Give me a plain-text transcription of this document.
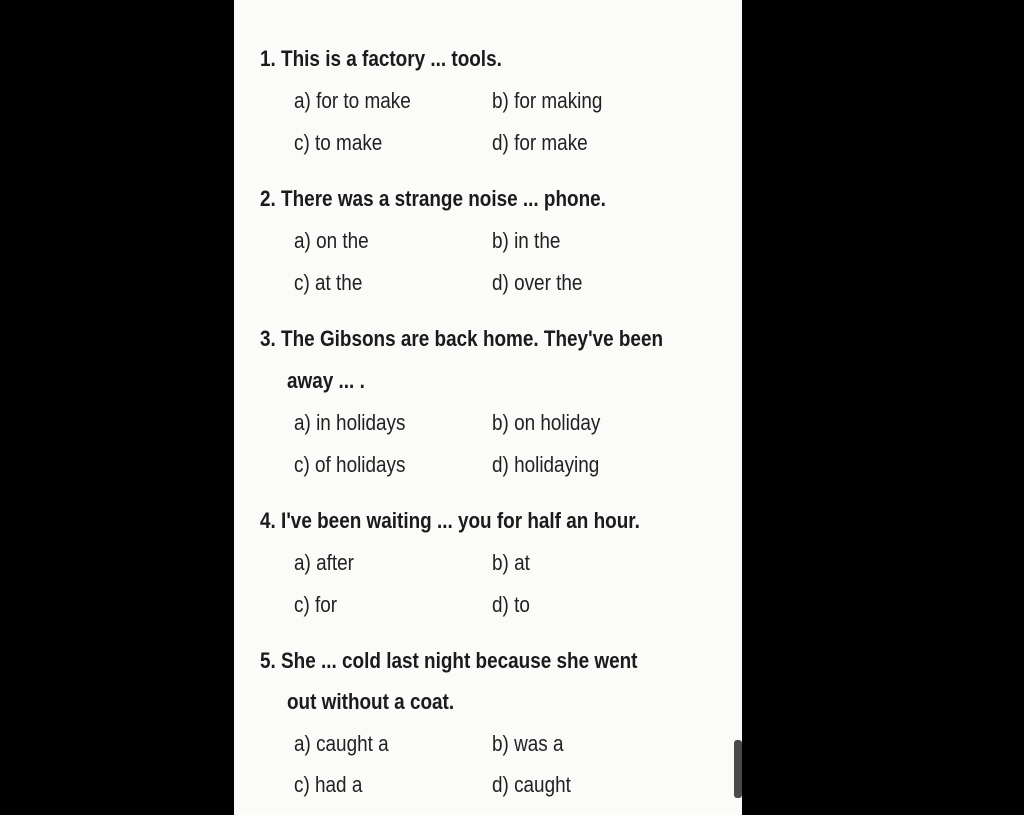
1. This is a factory ... tools.
a) for to make	b) for making
c) to make	d) for make
2. There was a strange noise ... phone.
a) on the	b) in the
c) at the	d) over the
3. The Gibsons are back home. They've been
away ... .
a) in holidays	b) on holiday
c) of holidays	d) holidaying
4. I've been waiting ... you for half an hour.
a) after	b) at
c) for	d) to
5. She ... cold last night because she went
out without a coat.
a) caught a	b) was a
c) had a	d) caught
